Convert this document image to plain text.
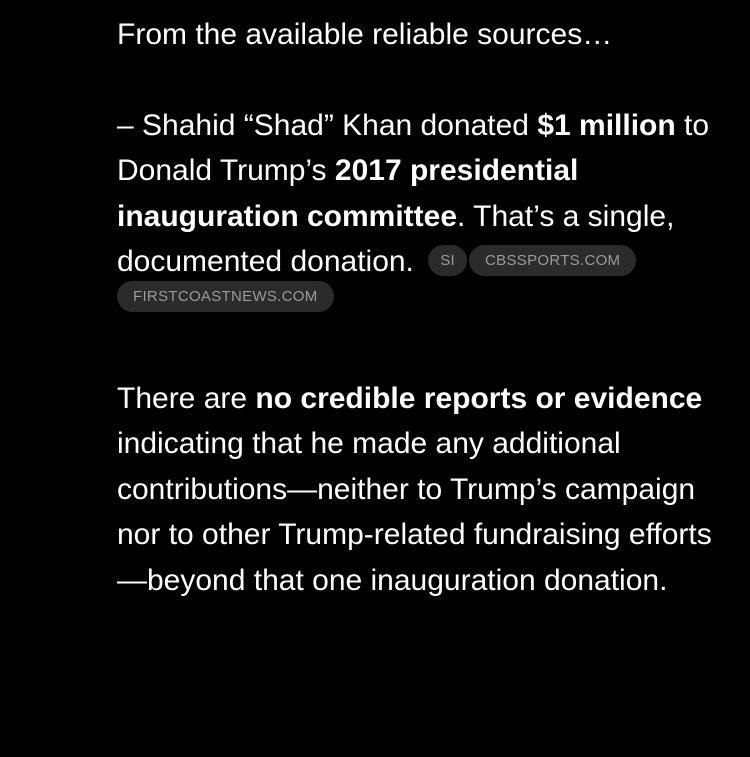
From the available reliable sources…

– Shahid “Shad” Khan donated $1 million to Donald Trump’s 2017 presidential inauguration committee. That’s a single, documented donation. SI CBSSPORTS.COM

FIRSTCOASTNEWS.COM

There are no credible reports or evidence indicating that he made any additional contributions—neither to Trump’s campaign nor to other Trump-related fundraising efforts—beyond that one inauguration donation.
